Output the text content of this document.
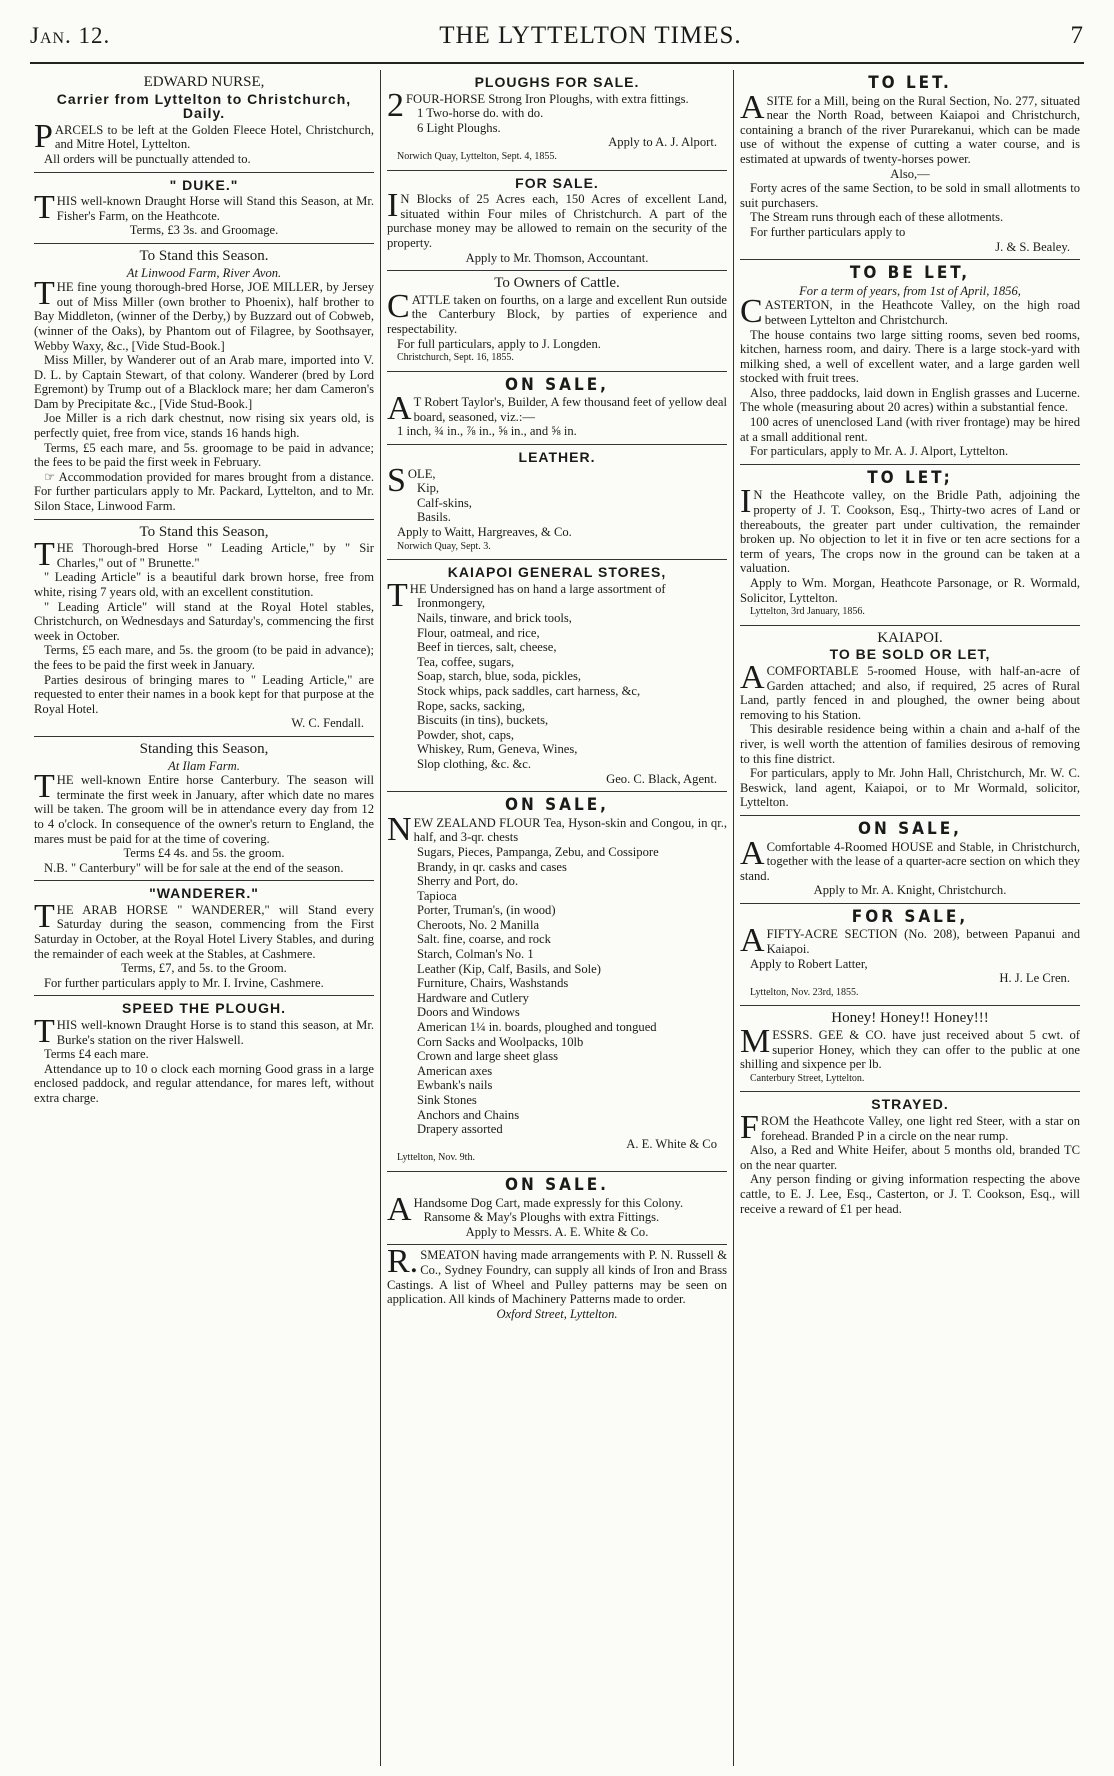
Jan. 12.	THE LYTTELTON TIMES.	7
EDWARD NURSE,
Carrier from Lyttelton to Christchurch, Daily.
PARCELS to be left at the Golden Fleece Hotel, Christchurch, and Mitre Hotel, Lyttelton.
All orders will be punctually attended to.
" DUKE."
THIS well-known Draught Horse will Stand this Season, at Mr. Fisher's Farm, on the Heathcote.
Terms, £3 3s. and Groomage.
To Stand this Season.
At Linwood Farm, River Avon.
THE fine young thorough-bred Horse, JOE MILLER, by Jersey out of Miss Miller (own brother to Phoenix), half brother to Bay Middleton, (winner of the Derby,) by Buzzard out of Cobweb, (winner of the Oaks), by Phantom out of Filagree, by Soothsayer, Webby Waxy, &c., [Vide Stud-Book.]
Miss Miller, by Wanderer out of an Arab mare, imported into V. D. L. by Captain Stewart, of that colony. Wanderer (bred by Lord Egremont) by Trump out of a Blacklock mare; her dam Cameron's Dam by Precipitate &c., [Vide Stud-Book.]
Joe Miller is a rich dark chestnut, now rising six years old, is perfectly quiet, free from vice, stands 16 hands high.
Terms, £5 each mare, and 5s. groomage to be paid in advance; the fees to be paid the first week in February.
☞ Accommodation provided for mares brought from a distance. For further particulars apply to Mr. Packard, Lyttelton, and to Mr. Silon Stace, Linwood Farm.
To Stand this Season,
THE Thorough-bred Horse " Leading Article," by " Sir Charles," out of " Brunette."
" Leading Article" is a beautiful dark brown horse, free from white, rising 7 years old, with an excellent constitution.
" Leading Article" will stand at the Royal Hotel stables, Christchurch, on Wednesdays and Saturday's, commencing the first week in October.
Terms, £5 each mare, and 5s. the groom (to be paid in advance); the fees to be paid the first week in January.
Parties desirous of bringing mares to " Leading Article," are requested to enter their names in a book kept for that purpose at the Royal Hotel.
W. C. Fendall.
Standing this Season,
At Ilam Farm.
THE well-known Entire horse Canterbury. The season will terminate the first week in January, after which date no mares will be taken. The groom will be in attendance every day from 12 to 4 o'clock. In consequence of the owner's return to England, the mares must be paid for at the time of covering.
Terms £4 4s. and 5s. the groom.
N.B. " Canterbury" will be for sale at the end of the season.
"WANDERER."
THE ARAB HORSE " WANDERER," will Stand every Saturday during the season, commencing from the First Saturday in October, at the Royal Hotel Livery Stables, and during the remainder of each week at the Stables, at Cashmere.
Terms, £7, and 5s. to the Groom.
For further particulars apply to Mr. I. Irvine, Cashmere.
SPEED THE PLOUGH.
THIS well-known Draught Horse is to stand this season, at Mr. Burke's station on the river Halswell.
Terms £4 each mare.
Attendance up to 10 o clock each morning Good grass in a large enclosed paddock, and regular attendance, for mares left, without extra charge.
PLOUGHS FOR SALE.
2FOUR-HORSE Strong Iron Ploughs, with extra fittings.
1 Two-horse do. with do.
6 Light Ploughs.
Apply to A. J. Alport.
Norwich Quay, Lyttelton, Sept. 4, 1855.
FOR SALE.
IN Blocks of 25 Acres each, 150 Acres of excellent Land, situated within Four miles of Christchurch. A part of the purchase money may be allowed to remain on the security of the property.
Apply to Mr. Thomson, Accountant.
To Owners of Cattle.
CATTLE taken on fourths, on a large and excellent Run outside the Canterbury Block, by parties of experience and respectability.
For full particulars, apply to J. Longden.
Christchurch, Sept. 16, 1855.
ON SALE,
AT Robert Taylor's, Builder, A few thousand feet of yellow deal board, seasoned, viz.:—
1 inch, ¾ in., ⅞ in., ⅝ in., and ⅝ in.
LEATHER.
SOLE,
Kip,
Calf-skins,
Basils.
Apply to Waitt, Hargreaves, & Co.
Norwich Quay, Sept. 3.
KAIAPOI GENERAL STORES,
THE Undersigned has on hand a large assortment of
Ironmongery,
Nails, tinware, and brick tools,
Flour, oatmeal, and rice,
Beef in tierces, salt, cheese,
Tea, coffee, sugars,
Soap, starch, blue, soda, pickles,
Stock whips, pack saddles, cart harness, &c,
Rope, sacks, sacking,
Biscuits (in tins), buckets,
Powder, shot, caps,
Whiskey, Rum, Geneva, Wines,
Slop clothing, &c. &c.
Geo. C. Black, Agent.
ON SALE,
NEW ZEALAND FLOUR Tea, Hyson-skin and Congou, in qr., half, and 3-qr. chests
Sugars, Pieces, Pampanga, Zebu, and Cossipore
Brandy, in qr. casks and cases
Sherry and Port, do.
Tapioca
Porter, Truman's, (in wood)
Cheroots, No. 2 Manilla
Salt. fine, coarse, and rock
Starch, Colman's No. 1
Leather (Kip, Calf, Basils, and Sole)
Furniture, Chairs, Washstands
Hardware and Cutlery
Doors and Windows
American 1¼ in. boards, ploughed and tongued
Corn Sacks and Woolpacks, 10lb
Crown and large sheet glass
American axes
Ewbank's nails
Sink Stones
Anchors and Chains
Drapery assorted
A. E. White & Co
Lyttelton, Nov. 9th.
ON SALE.
AHandsome Dog Cart, made expressly for this Colony.
Ransome & May's Ploughs with extra Fittings.
Apply to Messrs. A. E. White & Co.
R.SMEATON having made arrangements with P. N. Russell & Co., Sydney Foundry, can supply all kinds of Iron and Brass Castings. A list of Wheel and Pulley patterns may be seen on application. All kinds of Machinery Patterns made to order.
Oxford Street, Lyttelton.
TO LET.
ASITE for a Mill, being on the Rural Section, No. 277, situated near the North Road, between Kaiapoi and Christchurch, containing a branch of the river Purarekanui, which can be made use of without the expense of cutting a water course, and is estimated at upwards of twenty-horses power.
Also,—
Forty acres of the same Section, to be sold in small allotments to suit purchasers.
The Stream runs through each of these allotments.
For further particulars apply to
J. & S. Bealey.
TO BE LET,
For a term of years, from 1st of April, 1856,
CASTERTON, in the Heathcote Valley, on the high road between Lyttelton and Christchurch.
The house contains two large sitting rooms, seven bed rooms, kitchen, harness room, and dairy. There is a large stock-yard with milking shed, a well of excellent water, and a large garden well stocked with fruit trees.
Also, three paddocks, laid down in English grasses and Lucerne. The whole (measuring about 20 acres) within a substantial fence.
100 acres of unenclosed Land (with river frontage) may be hired at a small additional rent.
For particulars, apply to Mr. A. J. Alport, Lyttelton.
TO LET;
IN the Heathcote valley, on the Bridle Path, adjoining the property of J. T. Cookson, Esq., Thirty-two acres of Land or thereabouts, the greater part under cultivation, the remainder broken up. No objection to let it in five or ten acre sections for a term of years, The crops now in the ground can be taken at a valuation.
Apply to Wm. Morgan, Heathcote Parsonage, or R. Wormald, Solicitor, Lyttelton.
Lyttelton, 3rd January, 1856.
KAIAPOI.
TO BE SOLD OR LET,
ACOMFORTABLE 5-roomed House, with half-an-acre of Garden attached; and also, if required, 25 acres of Rural Land, partly fenced in and ploughed, the owner being about removing to his Station.
This desirable residence being within a chain and a-half of the river, is well worth the attention of families desirous of removing to this fine district.
For particulars, apply to Mr. John Hall, Christchurch, Mr. W. C. Beswick, land agent, Kaiapoi, or to Mr Wormald, solicitor, Lyttelton.
ON SALE,
AComfortable 4-Roomed HOUSE and Stable, in Christchurch, together with the lease of a quarter-acre section on which they stand.
Apply to Mr. A. Knight, Christchurch.
FOR SALE,
AFIFTY-ACRE SECTION (No. 208), between Papanui and Kaiapoi.
Apply to Robert Latter,
H. J. Le Cren.
Lyttelton, Nov. 23rd, 1855.
Honey! Honey!! Honey!!!
MESSRS. GEE & CO. have just received about 5 cwt. of superior Honey, which they can offer to the public at one shilling and sixpence per lb.
Canterbury Street, Lyttelton.
STRAYED.
FROM the Heathcote Valley, one light red Steer, with a star on forehead. Branded P in a circle on the near rump.
Also, a Red and White Heifer, about 5 months old, branded TC on the near quarter.
Any person finding or giving information respecting the above cattle, to E. J. Lee, Esq., Casterton, or J. T. Cookson, Esq., will receive a reward of £1 per head.
